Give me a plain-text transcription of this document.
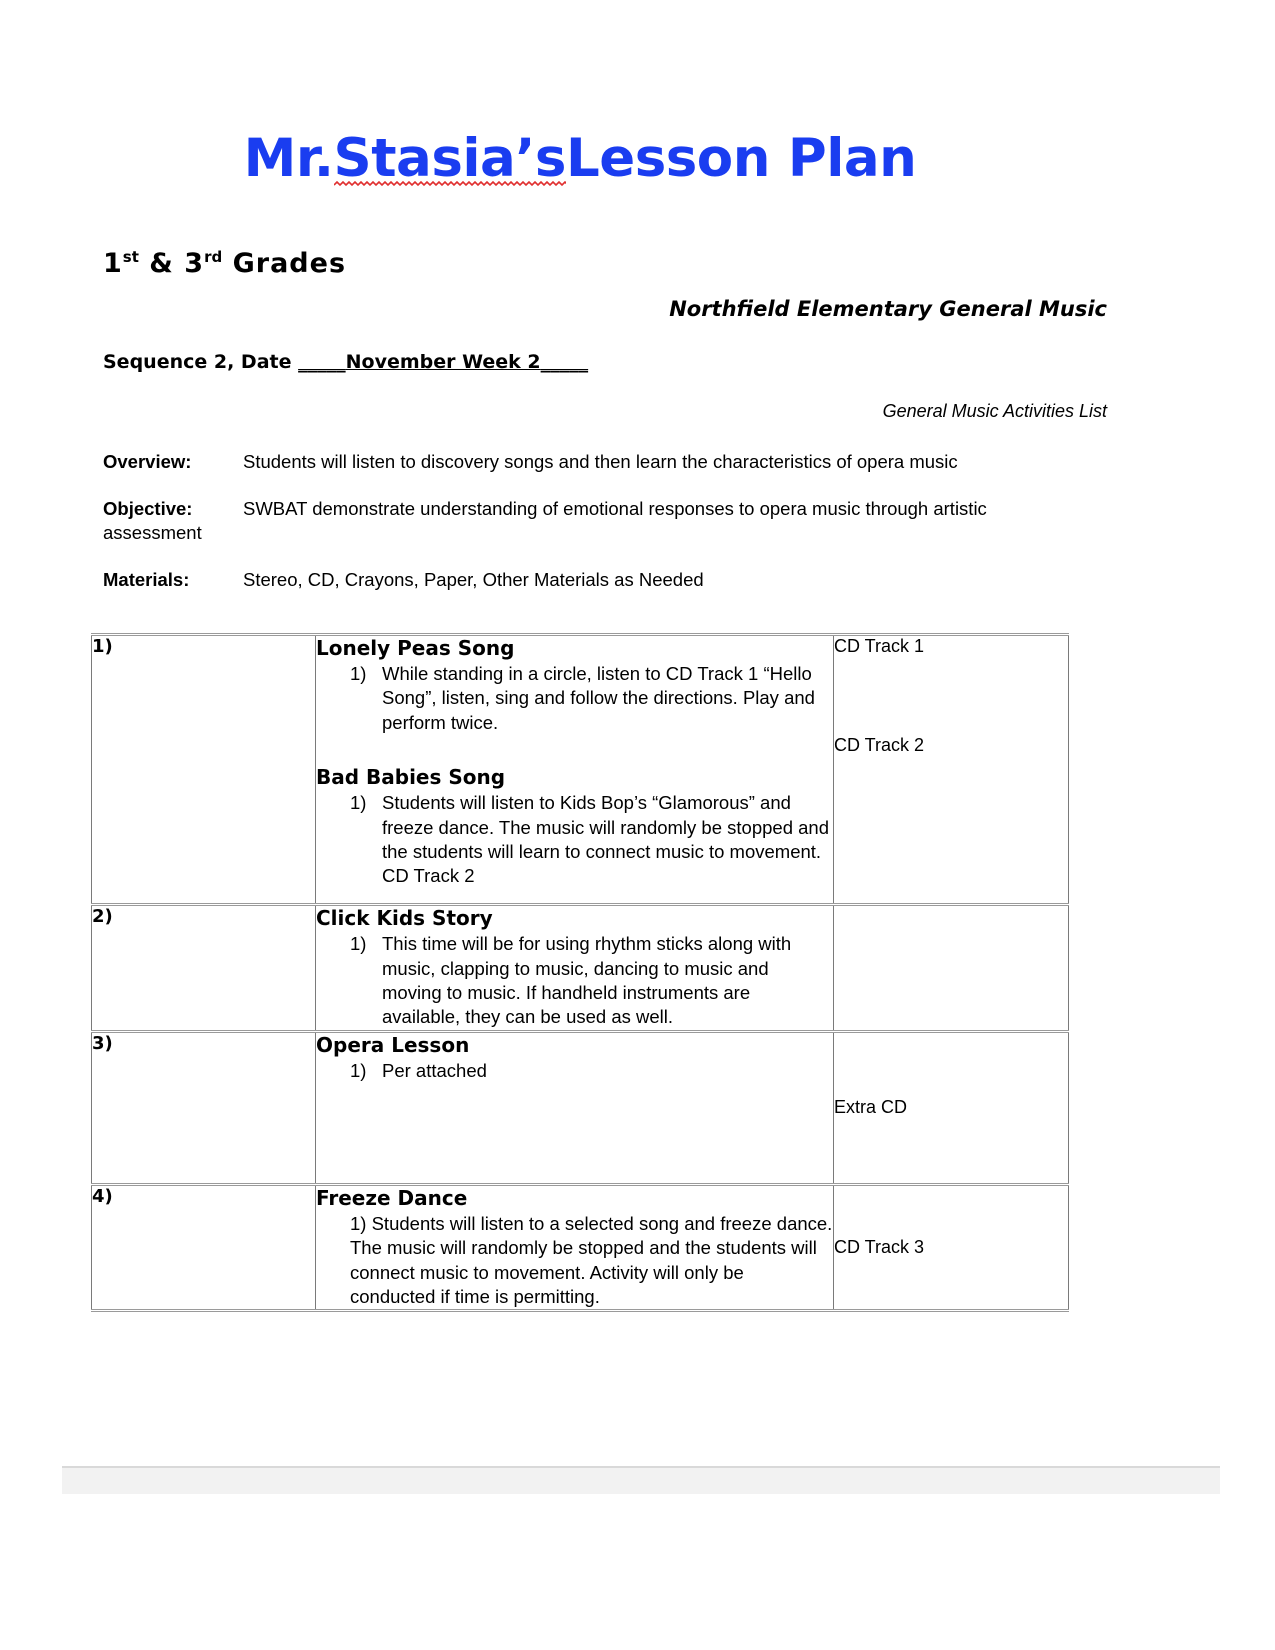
Mr.Stasia’s
Lesson Plan
1st & 3rd Grades
Northfield Elementary General Music
Sequence 2, Date _____November Week 2_____
General Music Activities List
Overview:	Students will listen to discovery songs and then learn the characteristics of opera music
Objective:	SWBAT demonstrate understanding of emotional responses to opera music through artistic
assessment
Materials:	Stereo, CD, Crayons, Paper, Other Materials as Needed
1)	Lonely Peas Song
1) While standing in a circle, listen to CD Track 1 “Hello Song”, listen, sing and follow the directions. Play and perform twice.	CD Track 1

	Bad Babies Song
1) Students will listen to Kids Bop’s
“Glamorous” and freeze dance. The music will randomly be stopped and the students will learn to connect music to movement. CD Track 2	CD Track 2
2)	Click Kids Story
1) This time will be for using rhythm sticks along with music, clapping to music, dancing to music and moving to music. If handheld instruments are available, they can be used as well.	

3)	Opera Lesson
1) Per attached	Extra CD
4)	Freeze Dance
1) Students will listen to a selected song and freeze dance. The music will randomly be stopped and the students will connect music to movement. Activity will only be conducted if time is permitting.	CD Track 3
